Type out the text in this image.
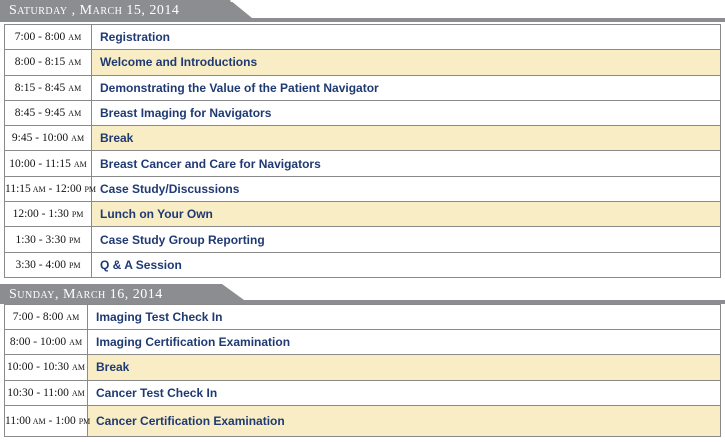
Saturday , March 15, 2014
7:00 - 8:00 am	Registration
8:00 - 8:15 am	Welcome and Introductions
8:15 - 8:45 am	Demonstrating the Value of the Patient Navigator
8:45 - 9:45 am	Breast Imaging for Navigators
9:45 - 10:00 am	Break
10:00 - 11:15 am	Breast Cancer and Care for Navigators
11:15 am - 12:00 pm	Case Study/Discussions
12:00 - 1:30 pm	Lunch on Your Own
1:30 - 3:30 pm	Case Study Group Reporting
3:30 - 4:00 pm	Q & A Session
Sunday, March 16, 2014
7:00 - 8:00 am	Imaging Test Check In
8:00 - 10:00 am	Imaging Certification Examination
10:00 - 10:30 am	Break
10:30 - 11:00 am	Cancer Test Check In
11:00 am - 1:00 pm	Cancer Certification Examination
